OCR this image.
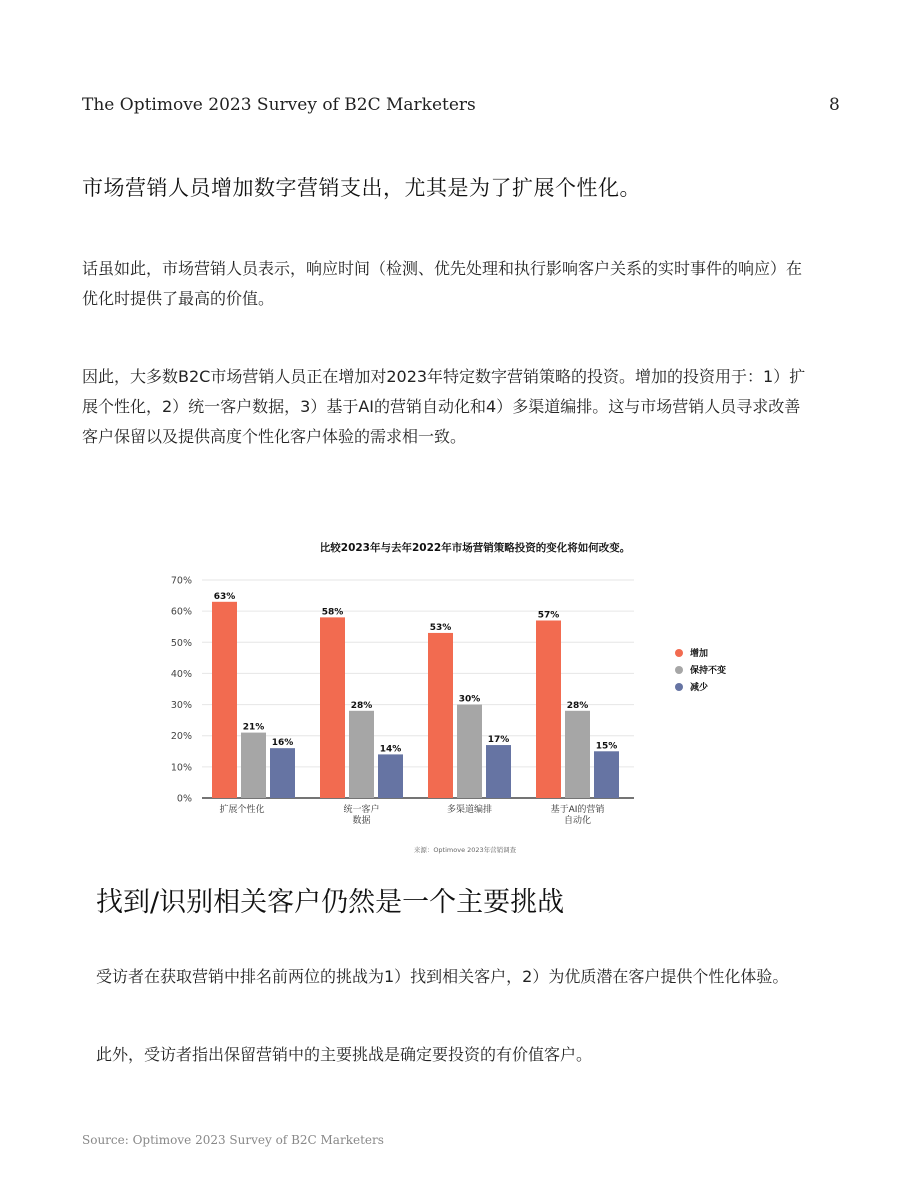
The Optimove 2023 Survey of B2C Marketers	8
市场营销人员增加数字营销支出，尤其是为了扩展个性化。
话虽如此，市场营销人员表示，响应时间（检测、优先处理和执行影响客户关系的实时事件的响应）在优化时提供了最高的价值。
因此，大多数B2C市场营销人员正在增加对2023年特定数字营销策略的投资。增加的投资用于：1）扩展个性化，2）统一客户数据，3）基于AI的营销自动化和4）多渠道编排。这与市场营销人员寻求改善客户保留以及提供高度个性化客户体验的需求相一致。
比较2023年与去年2022年市场营销策略投资的变化将如何改变。
0%
10%
20%
30%
40%
50%
60%
70%
63%
21%
16%
扩展个性化
58%
28%
14%
统一客户
数据
53%
30%
17%
多渠道编排
57%
28%
15%
基于AI的营销
自动化
增加
保持不变
减少
来源：Optimove 2023年营销调查
找到/识别相关客户仍然是一个主要挑战
受访者在获取营销中排名前两位的挑战为1）找到相关客户，2）为优质潜在客户提供个性化体验。
此外，受访者指出保留营销中的主要挑战是确定要投资的有价值客户。
Source: Optimove 2023 Survey of B2C Marketers
